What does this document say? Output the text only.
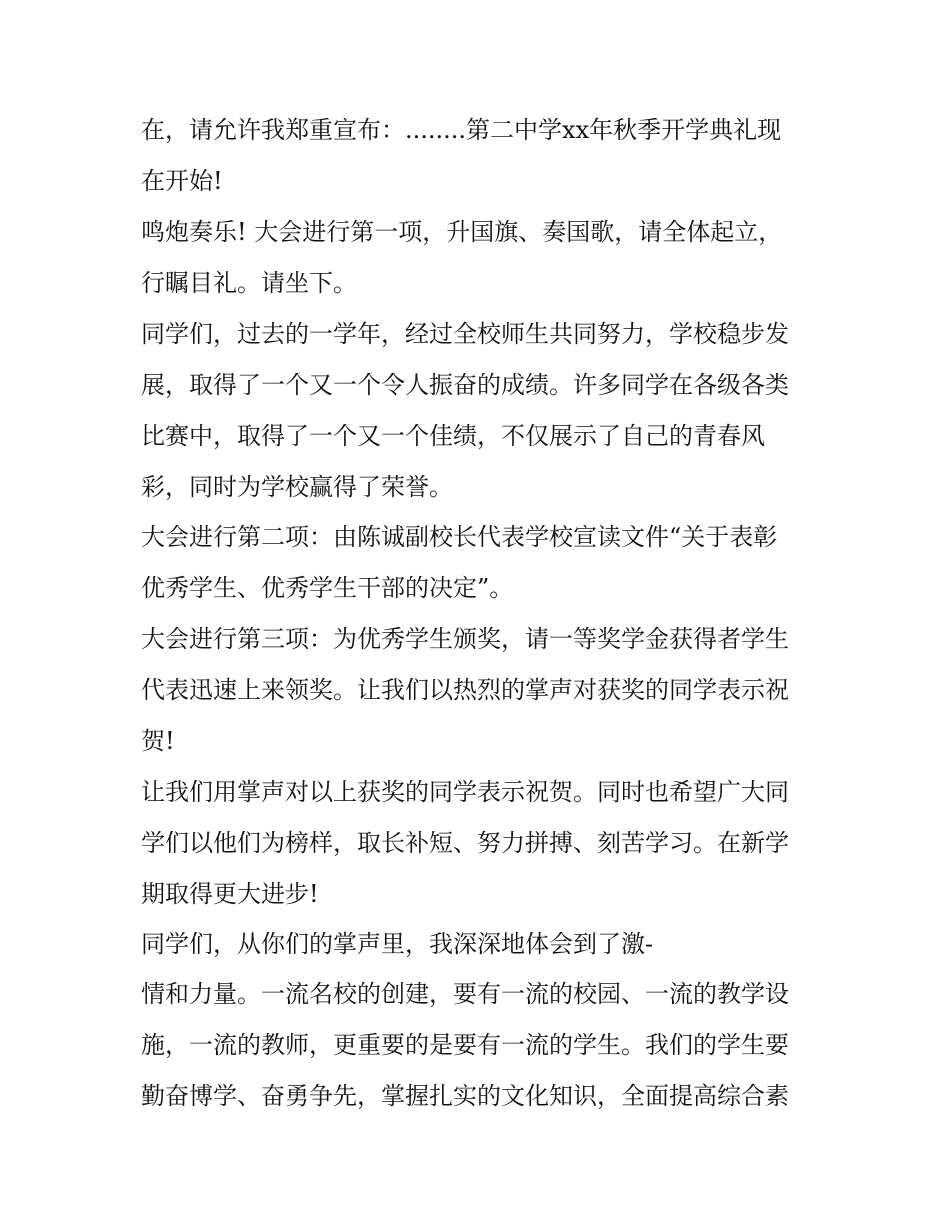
在，请允许我郑重宣布：........第二中学xx年秋季开学典礼现
在开始!
鸣炮奏乐! 大会进行第一项，升国旗、奏国歌，请全体起立，
行瞩目礼。请坐下。
同学们，过去的一学年，经过全校师生共同努力，学校稳步发
展，取得了一个又一个令人振奋的成绩。许多同学在各级各类
比赛中，取得了一个又一个佳绩，不仅展示了自己的青春风
彩，同时为学校赢得了荣誉。
大会进行第二项：由陈诚副校长代表学校宣读文件“关于表彰
优秀学生、优秀学生干部的决定”。
大会进行第三项：为优秀学生颁奖，请一等奖学金获得者学生
代表迅速上来领奖。让我们以热烈的掌声对获奖的同学表示祝
贺!
让我们用掌声对以上获奖的同学表示祝贺。同时也希望广大同
学们以他们为榜样，取长补短、努力拼搏、刻苦学习。在新学
期取得更大进步!
同学们，从你们的掌声里，我深深地体会到了激-
情和力量。一流名校的创建，要有一流的校园、一流的教学设
施，一流的教师，更重要的是要有一流的学生。我们的学生要
勤奋博学、奋勇争先，掌握扎实的文化知识，全面提高综合素
